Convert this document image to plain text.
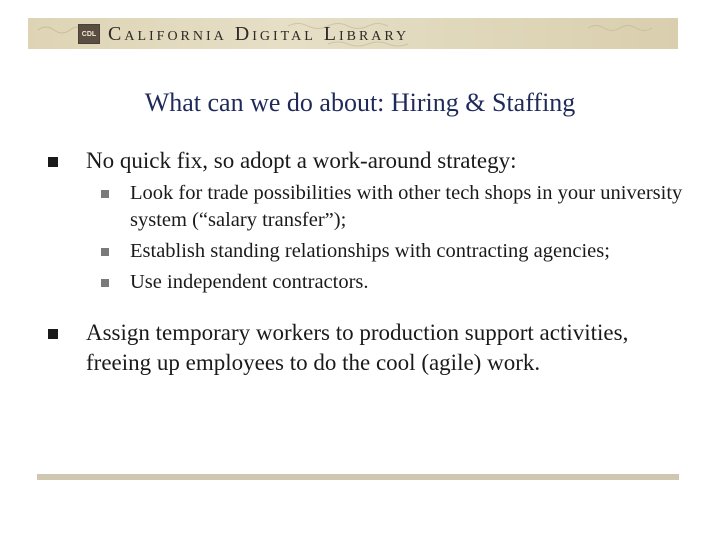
CDL California Digital Library
What can we do about: Hiring & Staffing
No quick fix, so adopt a work-around strategy:
Look for trade possibilities with other tech shops in your university system (“salary transfer”);
Establish standing relationships with contracting agencies;
Use independent contractors.
Assign temporary workers to production support activities, freeing up employees to do the cool (agile) work.
